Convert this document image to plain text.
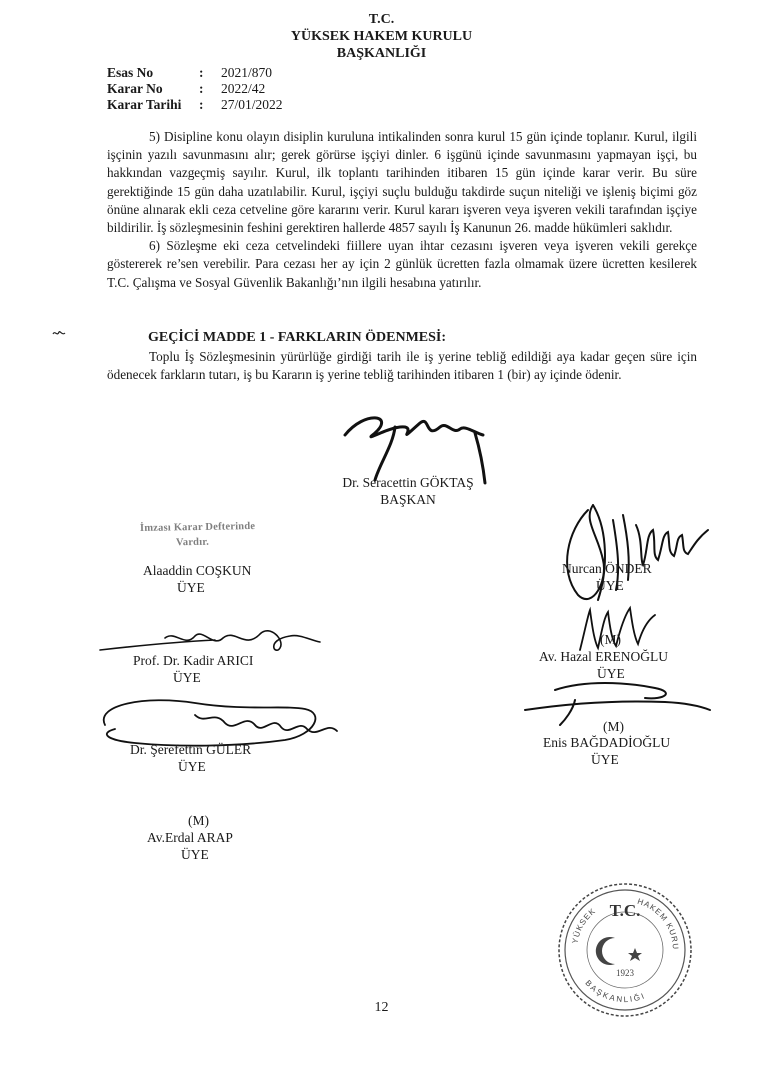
T.C.
YÜKSEK HAKEM KURULU
BAŞKANLIĞI
Esas No	: 2021/870
Karar No	: 2022/42
Karar Tarihi : 27/01/2022

5) Disipline konu olayın disiplin kuruluna intikalinden sonra kurul 15 gün içinde toplanır. Kurul, ilgili işçinin yazılı savunmasını alır; gerek görürse işçiyi dinler. 6 işgünü içinde savunmasını yapmayan işçi, bu hakkından vazgeçmiş sayılır. Kurul, ilk toplantı tarihinden itibaren 15 gün içinde karar verir. Bu süre gerektiğinde 15 gün daha uzatılabilir. Kurul, işçiyi suçlu bulduğu takdirde suçun niteliği ve işleniş biçimi göz önüne alınarak ekli ceza cetveline göre kararını verir. Kurul kararı işveren veya işveren vekili tarafından işçiye bildirilir. İş sözleşmesinin feshini gerektiren hallerde 4857 sayılı İş Kanunun 26. madde hükümleri saklıdır.

6) Sözleşme eki ceza cetvelindeki fiillere uyan ihtar cezasını işveren veya işveren vekili gerekçe göstererek re’sen verebilir. Para cezası her ay için 2 günlük ücretten fazla olmamak üzere ücretten kesilerek T.C. Çalışma ve Sosyal Güvenlik Bakanlığı’nın ilgili hesabına yatırılır.

GEÇİCİ MADDE 1 - FARKLARIN ÖDENMESİ:

Toplu İş Sözleşmesinin yürürlüğe girdiği tarih ile iş yerine tebliğ edildiği aya kadar geçen süre için ödenecek farkların tutarı, iş bu Kararın iş yerine tebliğ tarihinden itibaren 1 (bir) ay içinde ödenir.

Dr. Seracettin GÖKTAŞ
BAŞKAN
İmzası Karar Defterinde
Vardır.
Alaaddin COŞKUN
ÜYE
Nurcan ÖNDER
ÜYE
Prof. Dr. Kadir ARICI
ÜYE
(M)
Av. Hazal ERENOĞLU
ÜYE
(M)
Enis BAĞDADİOĞLU
ÜYE
Dr. Şerefettin GÜLER
ÜYE
(M)
Av.Erdal ARAP
ÜYE
T.C.
YÜKSEK
HAKEM KURULU
1923
BAŞKANLIĞI
12
